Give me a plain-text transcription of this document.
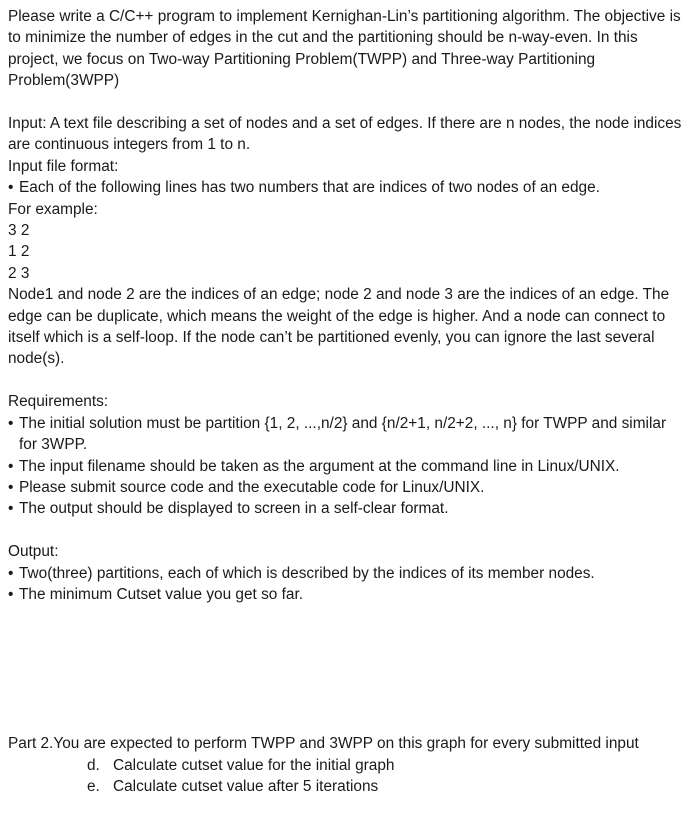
Please write a C/C++ program to implement Kernighan-Lin’s partitioning algorithm. The objective is to minimize the number of edges in the cut and the partitioning should be n-way-even. In this project, we focus on Two-way Partitioning Problem(TWPP) and Three-way Partitioning Problem(3WPP)

Input: A text file describing a set of nodes and a set of edges. If there are n nodes, the node indices are continuous integers from 1 to n.

Input file format:

• Each of the following lines has two numbers that are indices of two nodes of an edge.

For example:

3 2

1 2

2 3

Node1 and node 2 are the indices of an edge; node 2 and node 3 are the indices of an edge. The edge can be duplicate, which means the weight of the edge is higher. And a node can connect to itself which is a self-loop. If the node can’t be partitioned evenly, you can ignore the last several node(s).

Requirements:

• The initial solution must be partition {1, 2, ...,n/2} and {n/2+1, n/2+2, ..., n} for TWPP and similar for 3WPP.
• The input filename should be taken as the argument at the command line in Linux/UNIX.
• Please submit source code and the executable code for Linux/UNIX.
• The output should be displayed to screen in a self-clear format.

Output:

• Two(three) partitions, each of which is described by the indices of its member nodes.
• The minimum Cutset value you get so far.

Part 2.You are expected to perform TWPP and 3WPP on this graph for every submitted input

d. Calculate cutset value for the initial graph
e. Calculate cutset value after 5 iterations
